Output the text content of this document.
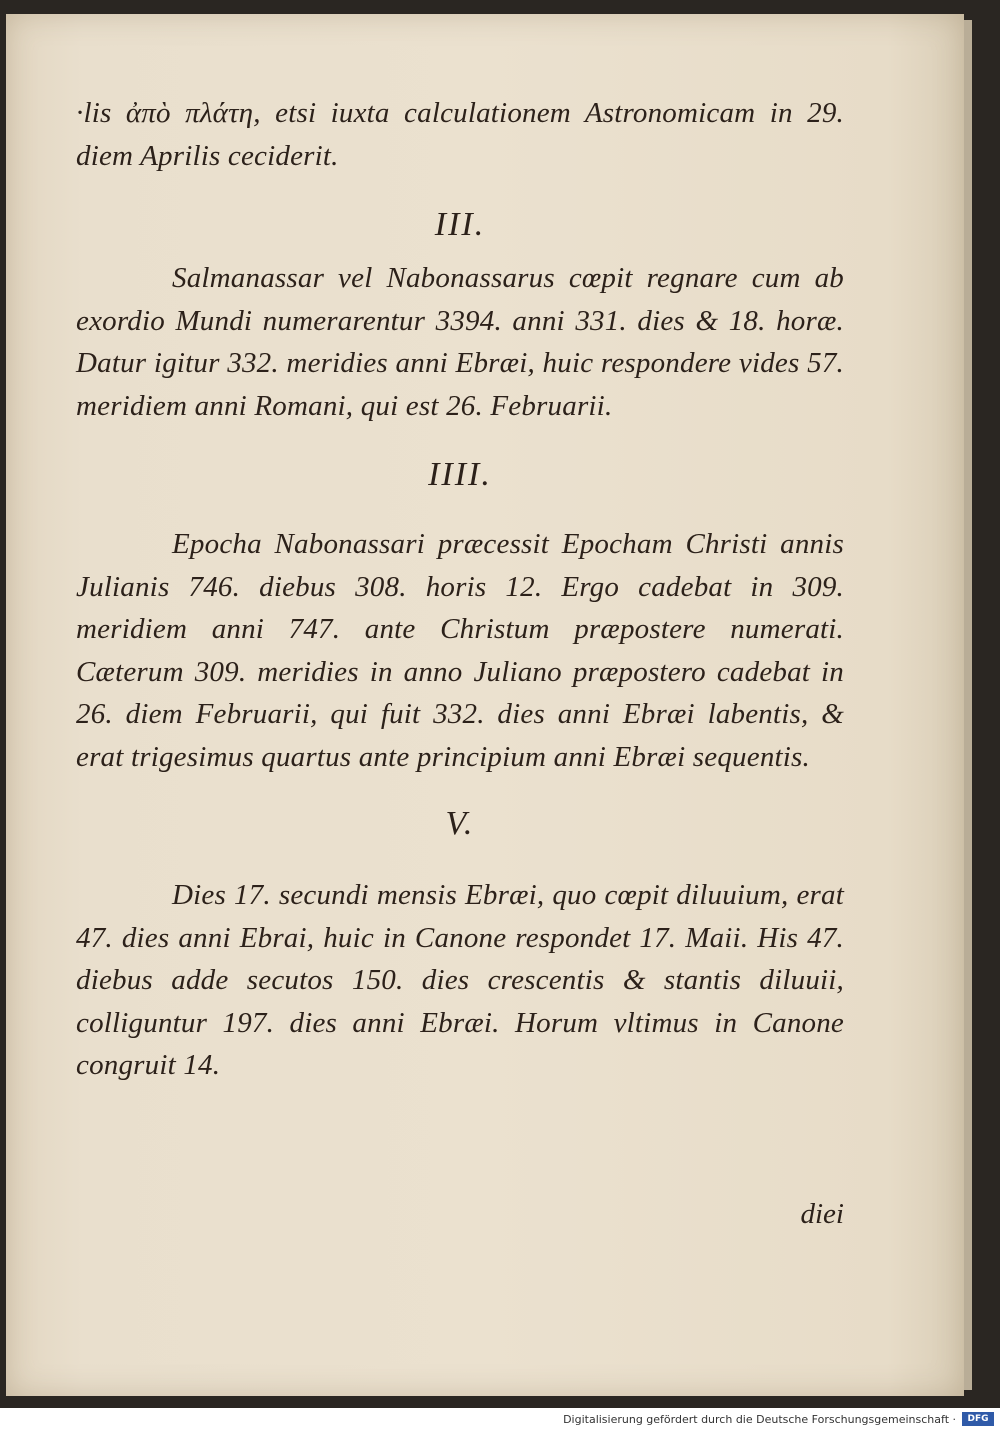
·lis ἀπὸ πλάτη, etsi iuxta calculationem Astronomicam in 29. diem Aprilis ceciderit.

III.

Salmanassar vel Nabonassarus cœpit regnare cum ab exordio Mundi numerarentur 3394. anni 331. dies & 18. horæ. Datur igitur 332. meridies anni Ebræi, huic respondere vides 57. meridiem anni Romani, qui est 26. Februarii.

IIII.

Epocha Nabonassari præcessit Epocham Christi annis Julianis 746. diebus 308. horis 12. Ergo cadebat in 309. meridiem anni 747. ante Christum præpostere numerati. Cæterum 309. meridies in anno Juliano præpostero cadebat in 26. diem Februarii, qui fuit 332. dies anni Ebræi labentis, & erat trigesimus quartus ante principium anni Ebræi sequentis.

V.

Dies 17. secundi mensis Ebræi, quo cœpit diluuium, erat 47. dies anni Ebrai, huic in Canone respondet 17. Maii. His 47. diebus adde secutos 150. dies crescentis & stantis diluuii, colliguntur 197. dies anni Ebræi. Horum vltimus in Canone congruit 14.

diei
Digitalisierung gefördert durch die Deutsche Forschungsgemeinschaft ·	DFG
